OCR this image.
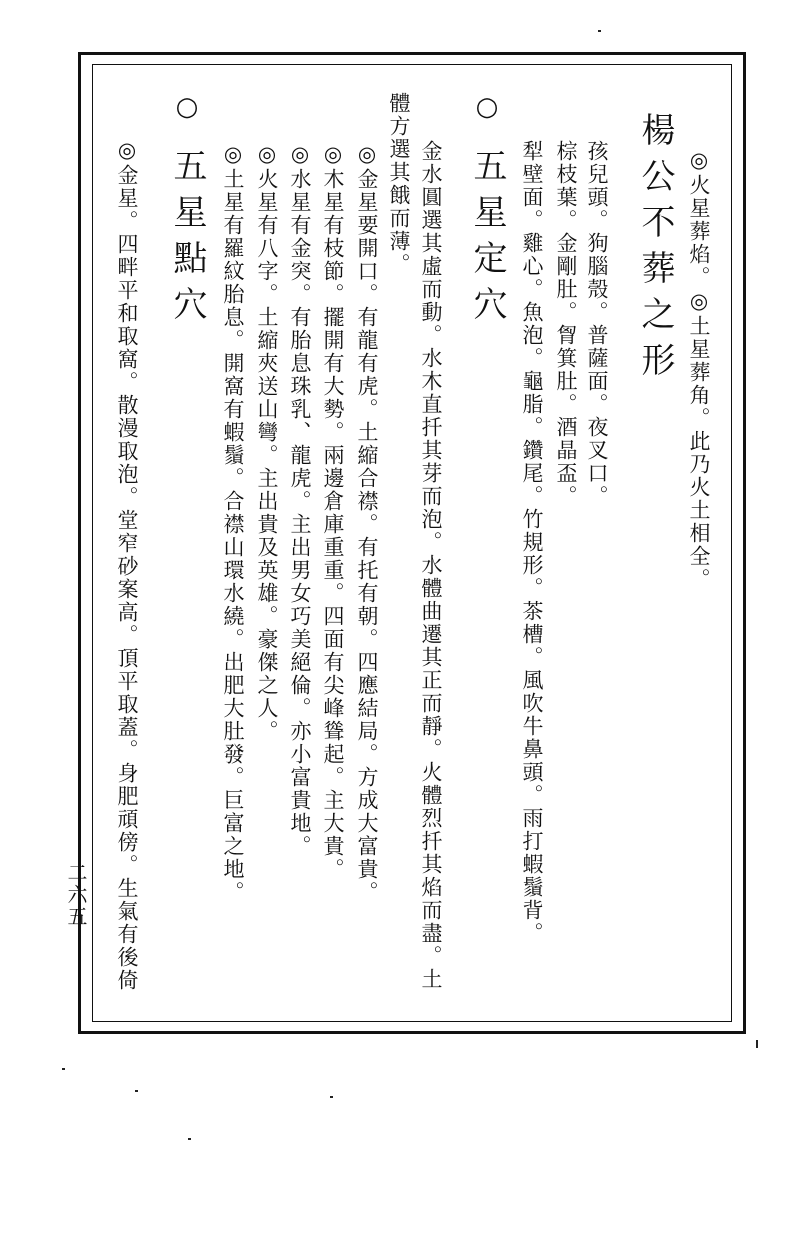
楊公不葬之形 ◎火星葬焰。◎土星葬角。此乃火土相全。
孩兒頭。狗腦殼。普薩面。夜叉口。
棕枝葉。金剛肚。胷箕肚。酒晶盃。
犁壁面。雞心。魚泡。龜脂。鑽尾。竹規形。茶槽。風吹牛鼻頭。雨打蝦鬚背。
○五星定穴
金水圓選其虛而動。水木直扦其芽而泡。水體曲遷其正而靜。火體烈扦其焰而盡。土
體方選其餓而薄。
◎金星要開口。有龍有虎。土縮合襟。有托有朝。四應結局。方成大富貴。
◎木星有枝節。擺開有大勢。兩邊倉庫重重。四面有尖峰聳起。主大貴。
◎水星有金突。有胎息珠乳、龍虎。主出男女巧美絕倫。亦小富貴地。
◎火星有八字。土縮夾送山彎。主出貴及英雄。豪傑之人。
◎土星有羅紋胎息。開窩有蝦鬚。合襟山環水繞。出肥大肚發。巨富之地。
○五星點穴
◎金星。四畔平和取窩。散漫取泡。堂窄砂案高。頂平取蓋。身肥頑傍。生氣有後倚
二六五
